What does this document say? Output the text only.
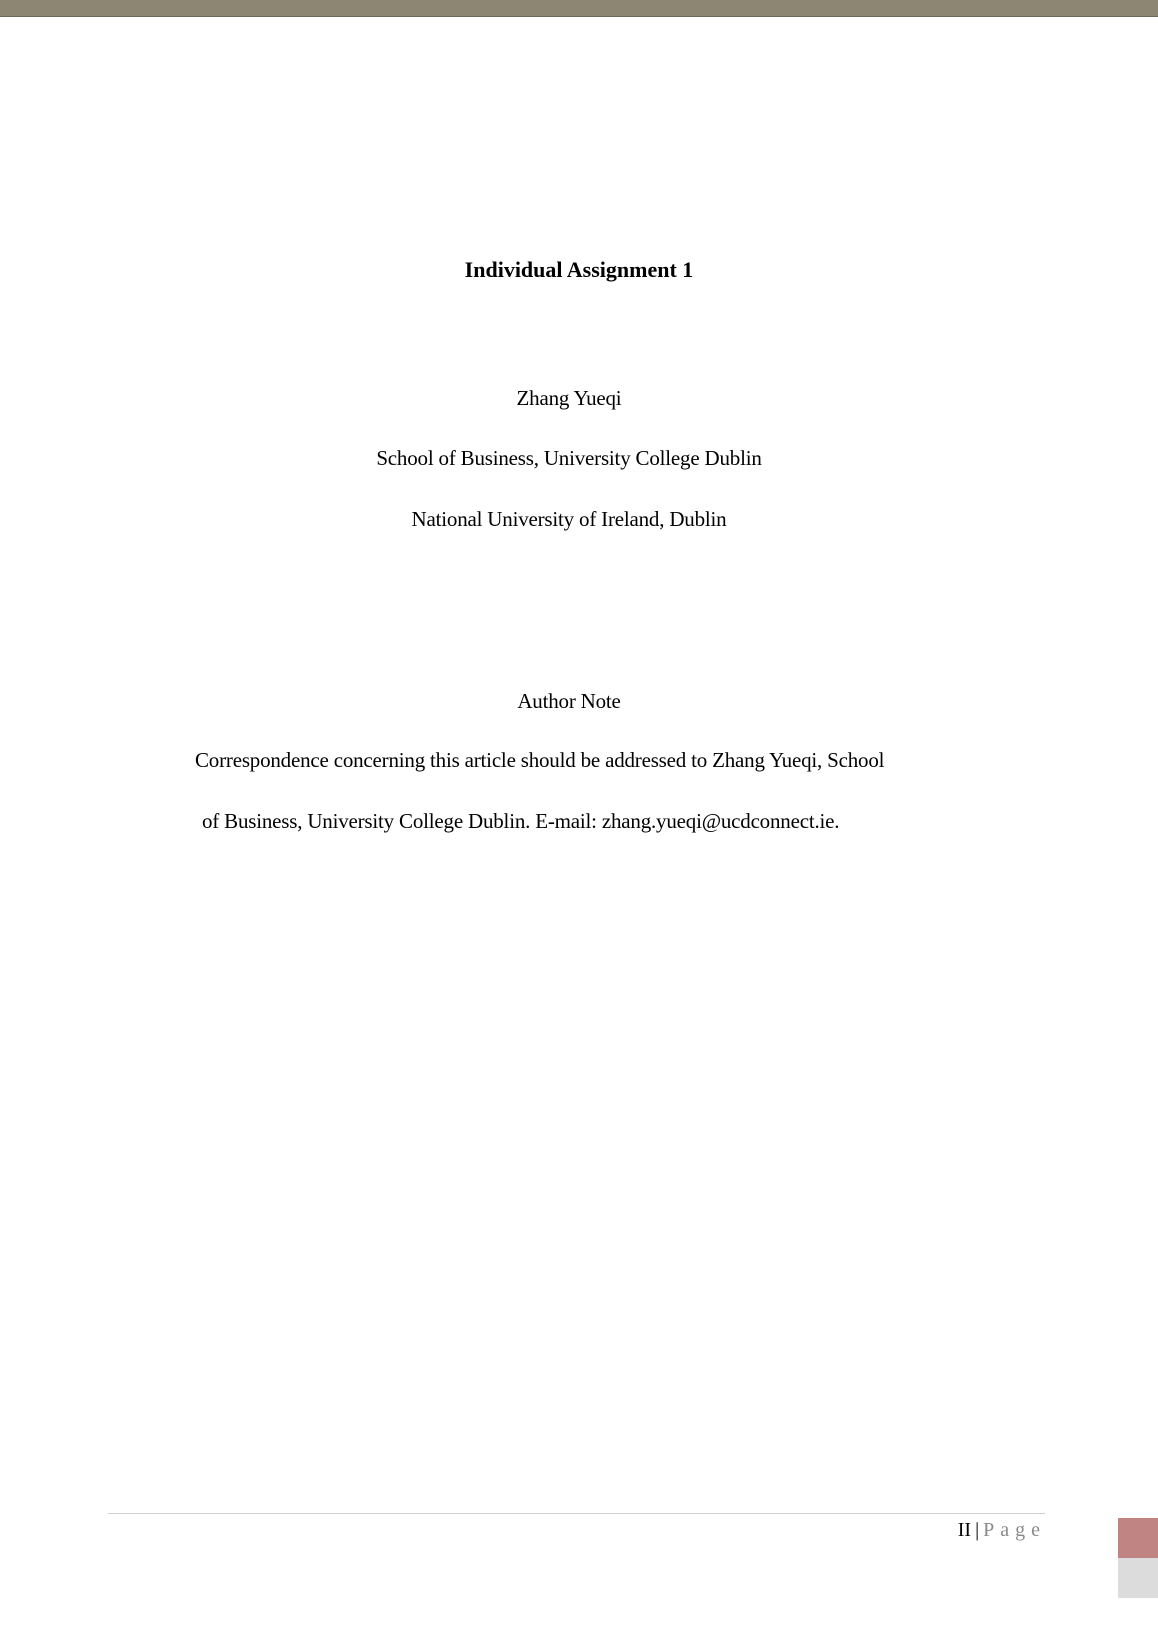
Individual Assignment 1
Zhang Yueqi
School of Business, University College Dublin
National University of Ireland, Dublin
Author Note
Correspondence concerning this article should be addressed to Zhang Yueqi, School
of Business, University College Dublin. E-mail: zhang.yueqi@ucdconnect.ie.
II | Page
